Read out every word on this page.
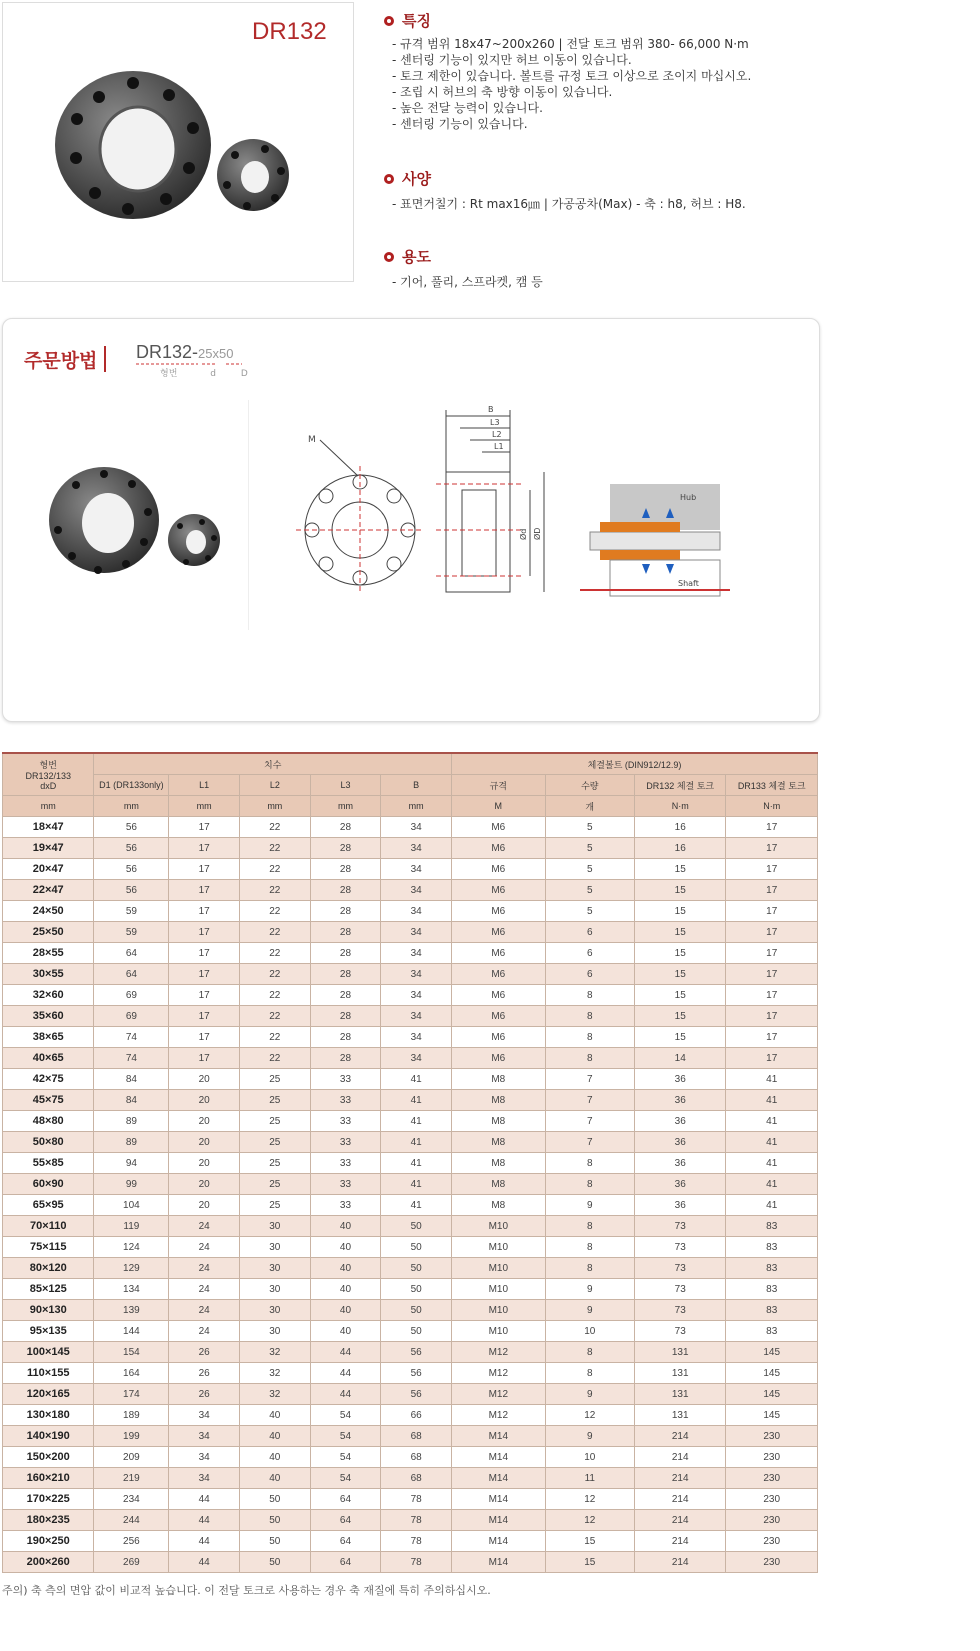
DR132	특징
- 규격 범위 18x47~200x260 | 전달 토크 범위 380- 66,000 N·m
- 센터링 기능이 있지만 허브 이동이 있습니다.
- 토크 제한이 있습니다. 볼트를 규정 토크 이상으로 조이지 마십시오.
- 조립 시 허브의 축 방향 이동이 있습니다.
- 높은 전달 능력이 있습니다.
- 센터링 기능이 있습니다.
사양
- 표면거칠기 : Rt max16㎛ | 가공공차(Max) - 축 : h8, 허브 : H8.
용도
- 기어, 풀리, 스프라켓, 캠 등
주문방법 DR132-25x50
형번	d	D
M
B
L3
L2
L1
Ød ØD
Hub
Shaft
형번
DR132/133
dxD	치수					체결볼트 (DIN912/12.9)			
	D1 (DR133only)	L1	L2	L3	B	규격	수량	DR132 체결 토크	DR133 체결 토크
mm	mm	mm	mm	mm	mm	M	개	N·m	N·m
18×47	56	17	22	28	34	M6	5	16	17
19×47	56	17	22	28	34	M6	5	16	17
20×47	56	17	22	28	34	M6	5	15	17
22×47	56	17	22	28	34	M6	5	15	17
24×50	59	17	22	28	34	M6	5	15	17
25×50	59	17	22	28	34	M6	6	15	17
28×55	64	17	22	28	34	M6	6	15	17
30×55	64	17	22	28	34	M6	6	15	17
32×60	69	17	22	28	34	M6	8	15	17
35×60	69	17	22	28	34	M6	8	15	17
38×65	74	17	22	28	34	M6	8	15	17
40×65	74	17	22	28	34	M6	8	14	17
42×75	84	20	25	33	41	M8	7	36	41
45×75	84	20	25	33	41	M8	7	36	41
48×80	89	20	25	33	41	M8	7	36	41
50×80	89	20	25	33	41	M8	7	36	41
55×85	94	20	25	33	41	M8	8	36	41
60×90	99	20	25	33	41	M8	8	36	41
65×95	104	20	25	33	41	M8	9	36	41
70×110	119	24	30	40	50	M10	8	73	83
75×115	124	24	30	40	50	M10	8	73	83
80×120	129	24	30	40	50	M10	8	73	83
85×125	134	24	30	40	50	M10	9	73	83
90×130	139	24	30	40	50	M10	9	73	83
95×135	144	24	30	40	50	M10	10	73	83
100×145	154	26	32	44	56	M12	8	131	145
110×155	164	26	32	44	56	M12	8	131	145
120×165	174	26	32	44	56	M12	9	131	145
130×180	189	34	40	54	66	M12	12	131	145
140×190	199	34	40	54	68	M14	9	214	230
150×200	209	34	40	54	68	M14	10	214	230
160×210	219	34	40	54	68	M14	11	214	230
170×225	234	44	50	64	78	M14	12	214	230
180×235	244	44	50	64	78	M14	12	214	230
190×250	256	44	50	64	78	M14	15	214	230
200×260	269	44	50	64	78	M14	15	214	230
주의) 축 측의 면압 값이 비교적 높습니다. 이 전달 토크로 사용하는 경우 축 재질에 특히 주의하십시오.
